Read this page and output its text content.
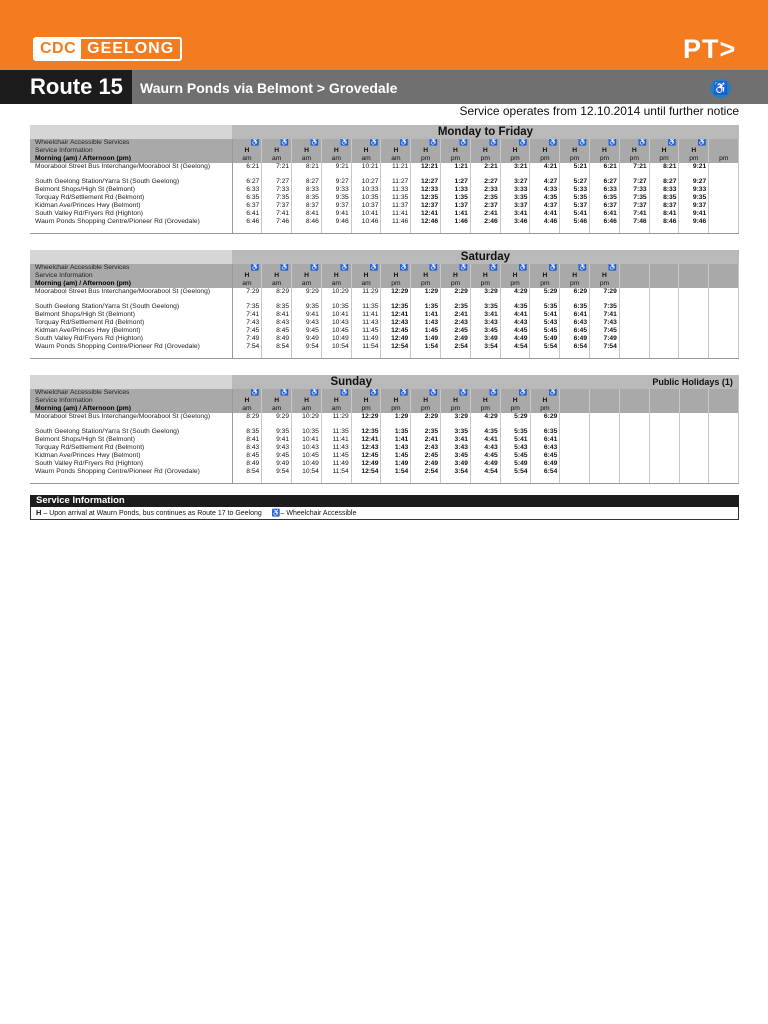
CDC GEELONG	PT>
Route 15	Waurn Ponds via Belmont > Grovedale	♿
Service operates from 12.10.2014 until further notice
	Monday to Friday																
Wheelchair Accessible Services	♿	♿	♿	♿	♿	♿	♿	♿	♿	♿	♿	♿	♿	♿	♿	♿	
Service Information	H	H	H	H	H	H	H	H	H	H	H	H	H	H	H	H	
Morning (am) / Afternoon (pm)	am	am	am	am	am	am	pm	pm	pm	pm	pm	pm	pm	pm	pm	pm	pm
Moorabool Street Bus Interchange/Moorabool St (Geelong)	6:21	7:21	8:21	9:21	10:21	11:21	12:21	1:21	2:21	3:21	4:21	5:21	6:21	7:21	8:21	9:21	
South Geelong Station/Yarra St (South Geelong)	6:27	7:27	8:27	9:27	10:27	11:27	12:27	1:27	2:27	3:27	4:27	5:27	6:27	7:27	8:27	9:27	
Belmont Shops/High St (Belmont)	6:33	7:33	8:33	9:33	10:33	11:33	12:33	1:33	2:33	3:33	4:33	5:33	6:33	7:33	8:33	9:33	
Torquay Rd/Settlement Rd (Belmont)	6:35	7:35	8:35	9:35	10:35	11:35	12:35	1:35	2:35	3:35	4:35	5:35	6:35	7:35	8:35	9:35	
Kidman Ave/Princes Hwy (Belmont)	6:37	7:37	8:37	9:37	10:37	11:37	12:37	1:37	2:37	3:37	4:37	5:37	6:37	7:37	8:37	9:37	
South Valley Rd/Fryers Rd (Highton)	6:41	7:41	8:41	9:41	10:41	11:41	12:41	1:41	2:41	3:41	4:41	5:41	6:41	7:41	8:41	9:41	
Waurn Ponds Shopping Centre/Pioneer Rd (Grovedale)	6:46	7:46	8:46	9:46	10:46	11:46	12:46	1:46	2:46	3:46	4:46	5:46	6:46	7:46	8:46	9:46	
	Saturday																
Wheelchair Accessible Services	♿	♿	♿	♿	♿	♿	♿	♿	♿	♿	♿	♿	♿				
Service Information	H	H	H	H	H	H	H	H	H	H	H	H	H				
Morning (am) / Afternoon (pm)	am	am	am	am	am	pm	pm	pm	pm	pm	pm	pm	pm				
Moorabool Street Bus Interchange/Moorabool St (Geelong)	7:29	8:29	9:29	10:29	11:29	12:29	1:29	2:29	3:29	4:29	5:29	6:29	7:29				
South Geelong Station/Yarra St (South Geelong)	7:35	8:35	9:35	10:35	11:35	12:35	1:35	2:35	3:35	4:35	5:35	6:35	7:35				
Belmont Shops/High St (Belmont)	7:41	8:41	9:41	10:41	11:41	12:41	1:41	2:41	3:41	4:41	5:41	6:41	7:41				
Torquay Rd/Settlement Rd (Belmont)	7:43	8:43	9:43	10:43	11:43	12:43	1:43	2:43	3:43	4:43	5:43	6:43	7:43				
Kidman Ave/Princes Hwy (Belmont)	7:45	8:45	9:45	10:45	11:45	12:45	1:45	2:45	3:45	4:45	5:45	6:45	7:45				
South Valley Rd/Fryers Rd (Highton)	7:49	8:49	9:49	10:49	11:49	12:49	1:49	2:49	3:49	4:49	5:49	6:49	7:49				
Waurn Ponds Shopping Centre/Pioneer Rd (Grovedale)	7:54	8:54	9:54	10:54	11:54	12:54	1:54	2:54	3:54	4:54	5:54	6:54	7:54				
	Sunday								Public Holidays (1)								
Wheelchair Accessible Services	♿	♿	♿	♿	♿	♿	♿	♿	♿	♿	♿						
Service Information	H	H	H	H	H	H	H	H	H	H	H						
Morning (am) / Afternoon (pm)	am	am	am	am	pm	pm	pm	pm	pm	pm	pm						
Moorabool Street Bus Interchange/Moorabool St (Geelong)	8:29	9:29	10:29	11:29	12:29	1:29	2:29	3:29	4:29	5:29	6:29						
South Geelong Station/Yarra St (South Geelong)	8:35	9:35	10:35	11:35	12:35	1:35	2:35	3:35	4:35	5:35	6:35						
Belmont Shops/High St (Belmont)	8:41	9:41	10:41	11:41	12:41	1:41	2:41	3:41	4:41	5:41	6:41						
Torquay Rd/Settlement Rd (Belmont)	8:43	9:43	10:43	11:43	12:43	1:43	2:43	3:43	4:43	5:43	6:43						
Kidman Ave/Princes Hwy (Belmont)	8:45	9:45	10:45	11:45	12:45	1:45	2:45	3:45	4:45	5:45	6:45						
South Valley Rd/Fryers Rd (Highton)	8:49	9:49	10:49	11:49	12:49	1:49	2:49	3:49	4:49	5:49	6:49						
Waurn Ponds Shopping Centre/Pioneer Rd (Grovedale)	8:54	9:54	10:54	11:54	12:54	1:54	2:54	3:54	4:54	5:54	6:54						
Service Information
H – Upon arrival at Waurn Ponds, bus continues as Route 17 to Geelong ♿– Wheelchair Accessible
